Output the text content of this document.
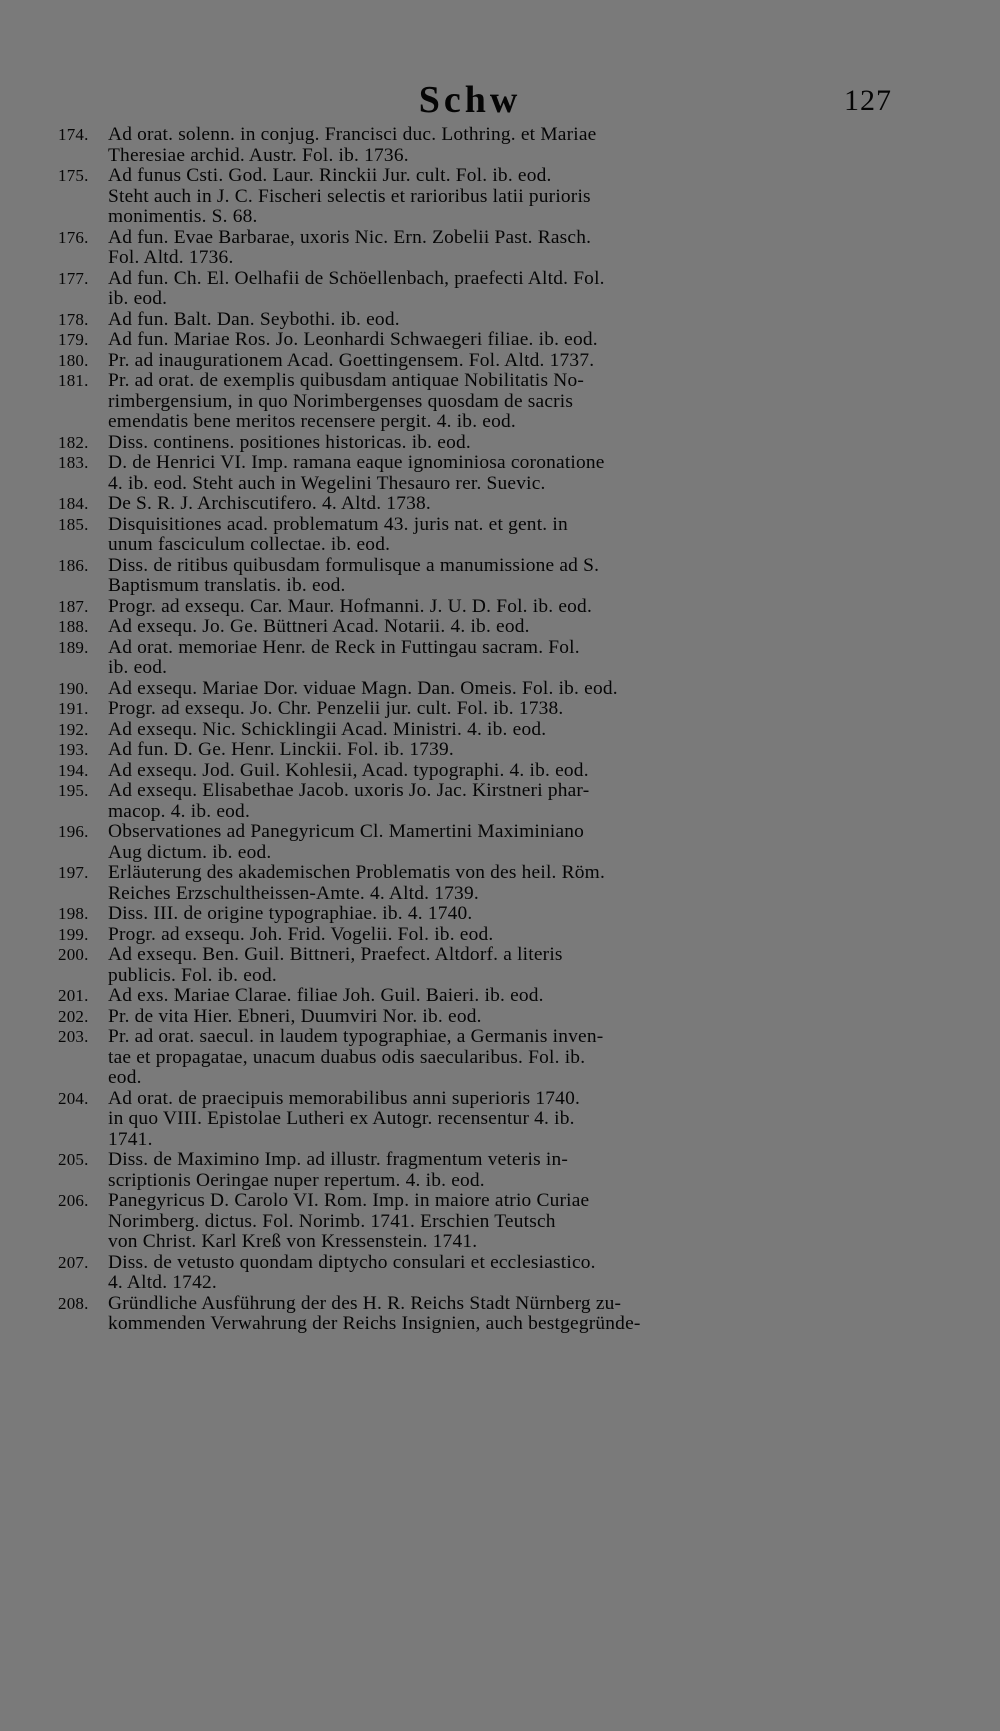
Schw	127
174.	Ad orat. solenn. in conjug. Francisci duc. Lothring. et Mariae
Theresiae archid. Austr. Fol. ib. 1736.
175.	Ad funus Csti. God. Laur. Rinckii Jur. cult. Fol. ib. eod.
Steht auch in J. C. Fischeri selectis et rarioribus latii purioris
monimentis. S. 68.
176.	Ad fun. Evae Barbarae, uxoris Nic. Ern. Zobelii Past. Rasch.
Fol. Altd. 1736.
177.	Ad fun. Ch. El. Oelhafii de Schöellenbach, praefecti Altd. Fol.
ib. eod.
178.	Ad fun. Balt. Dan. Seybothi. ib. eod.
179.	Ad fun. Mariae Ros. Jo. Leonhardi Schwaegeri filiae. ib. eod.
180.	Pr. ad inaugurationem Acad. Goettingensem. Fol. Altd. 1737.
181.	Pr. ad orat. de exemplis quibusdam antiquae Nobilitatis No-
rimbergensium, in quo Norimbergenses quosdam de sacris
emendatis bene meritos recensere pergit. 4. ib. eod.
182.	Diss. continens. positiones historicas. ib. eod.
183.	D. de Henrici VI. Imp. ramana eaque ignominiosa coronatione
4. ib. eod. Steht auch in Wegelini Thesauro rer. Suevic.
184.	De S. R. J. Archiscutifero. 4. Altd. 1738.
185.	Disquisitiones acad. problematum 43. juris nat. et gent. in
unum fasciculum collectae. ib. eod.
186.	Diss. de ritibus quibusdam formulisque a manumissione ad S.
Baptismum translatis. ib. eod.
187.	Progr. ad exsequ. Car. Maur. Hofmanni. J. U. D. Fol. ib. eod.
188.	Ad exsequ. Jo. Ge. Büttneri Acad. Notarii. 4. ib. eod.
189.	Ad orat. memoriae Henr. de Reck in Futtingau sacram. Fol.
ib. eod.
190.	Ad exsequ. Mariae Dor. viduae Magn. Dan. Omeis. Fol. ib. eod.
191.	Progr. ad exsequ. Jo. Chr. Penzelii jur. cult. Fol. ib. 1738.
192.	Ad exsequ. Nic. Schicklingii Acad. Ministri. 4. ib. eod.
193.	Ad fun. D. Ge. Henr. Linckii. Fol. ib. 1739.
194.	Ad exsequ. Jod. Guil. Kohlesii, Acad. typographi. 4. ib. eod.
195.	Ad exsequ. Elisabethae Jacob. uxoris Jo. Jac. Kirstneri phar-
macop. 4. ib. eod.
196.	Observationes ad Panegyricum Cl. Mamertini Maximiniano
Aug dictum. ib. eod.
197.	Erläuterung des akademischen Problematis von des heil. Röm.
Reiches Erzschultheissen-Amte. 4. Altd. 1739.
198.	Diss. III. de origine typographiae. ib. 4. 1740.
199.	Progr. ad exsequ. Joh. Frid. Vogelii. Fol. ib. eod.
200.	Ad exsequ. Ben. Guil. Bittneri, Praefect. Altdorf. a literis
publicis. Fol. ib. eod.
201.	Ad exs. Mariae Clarae. filiae Joh. Guil. Baieri. ib. eod.
202.	Pr. de vita Hier. Ebneri, Duumviri Nor. ib. eod.
203.	Pr. ad orat. saecul. in laudem typographiae, a Germanis inven-
tae et propagatae, unacum duabus odis saecularibus. Fol. ib.
eod.
204.	Ad orat. de praecipuis memorabilibus anni superioris 1740.
in quo VIII. Epistolae Lutheri ex Autogr. recensentur 4. ib.
1741.
205.	Diss. de Maximino Imp. ad illustr. fragmentum veteris in-
scriptionis Oeringae nuper repertum. 4. ib. eod.
206.	Panegyricus D. Carolo VI. Rom. Imp. in maiore atrio Curiae
Norimberg. dictus. Fol. Norimb. 1741. Erschien Teutsch
von Christ. Karl Kreß von Kressenstein. 1741.
207.	Diss. de vetusto quondam diptycho consulari et ecclesiastico.
4. Altd. 1742.
208.	Gründliche Ausführung der des H. R. Reichs Stadt Nürnberg zu-
kommenden Verwahrung der Reichs Insignien, auch bestgegründe-
